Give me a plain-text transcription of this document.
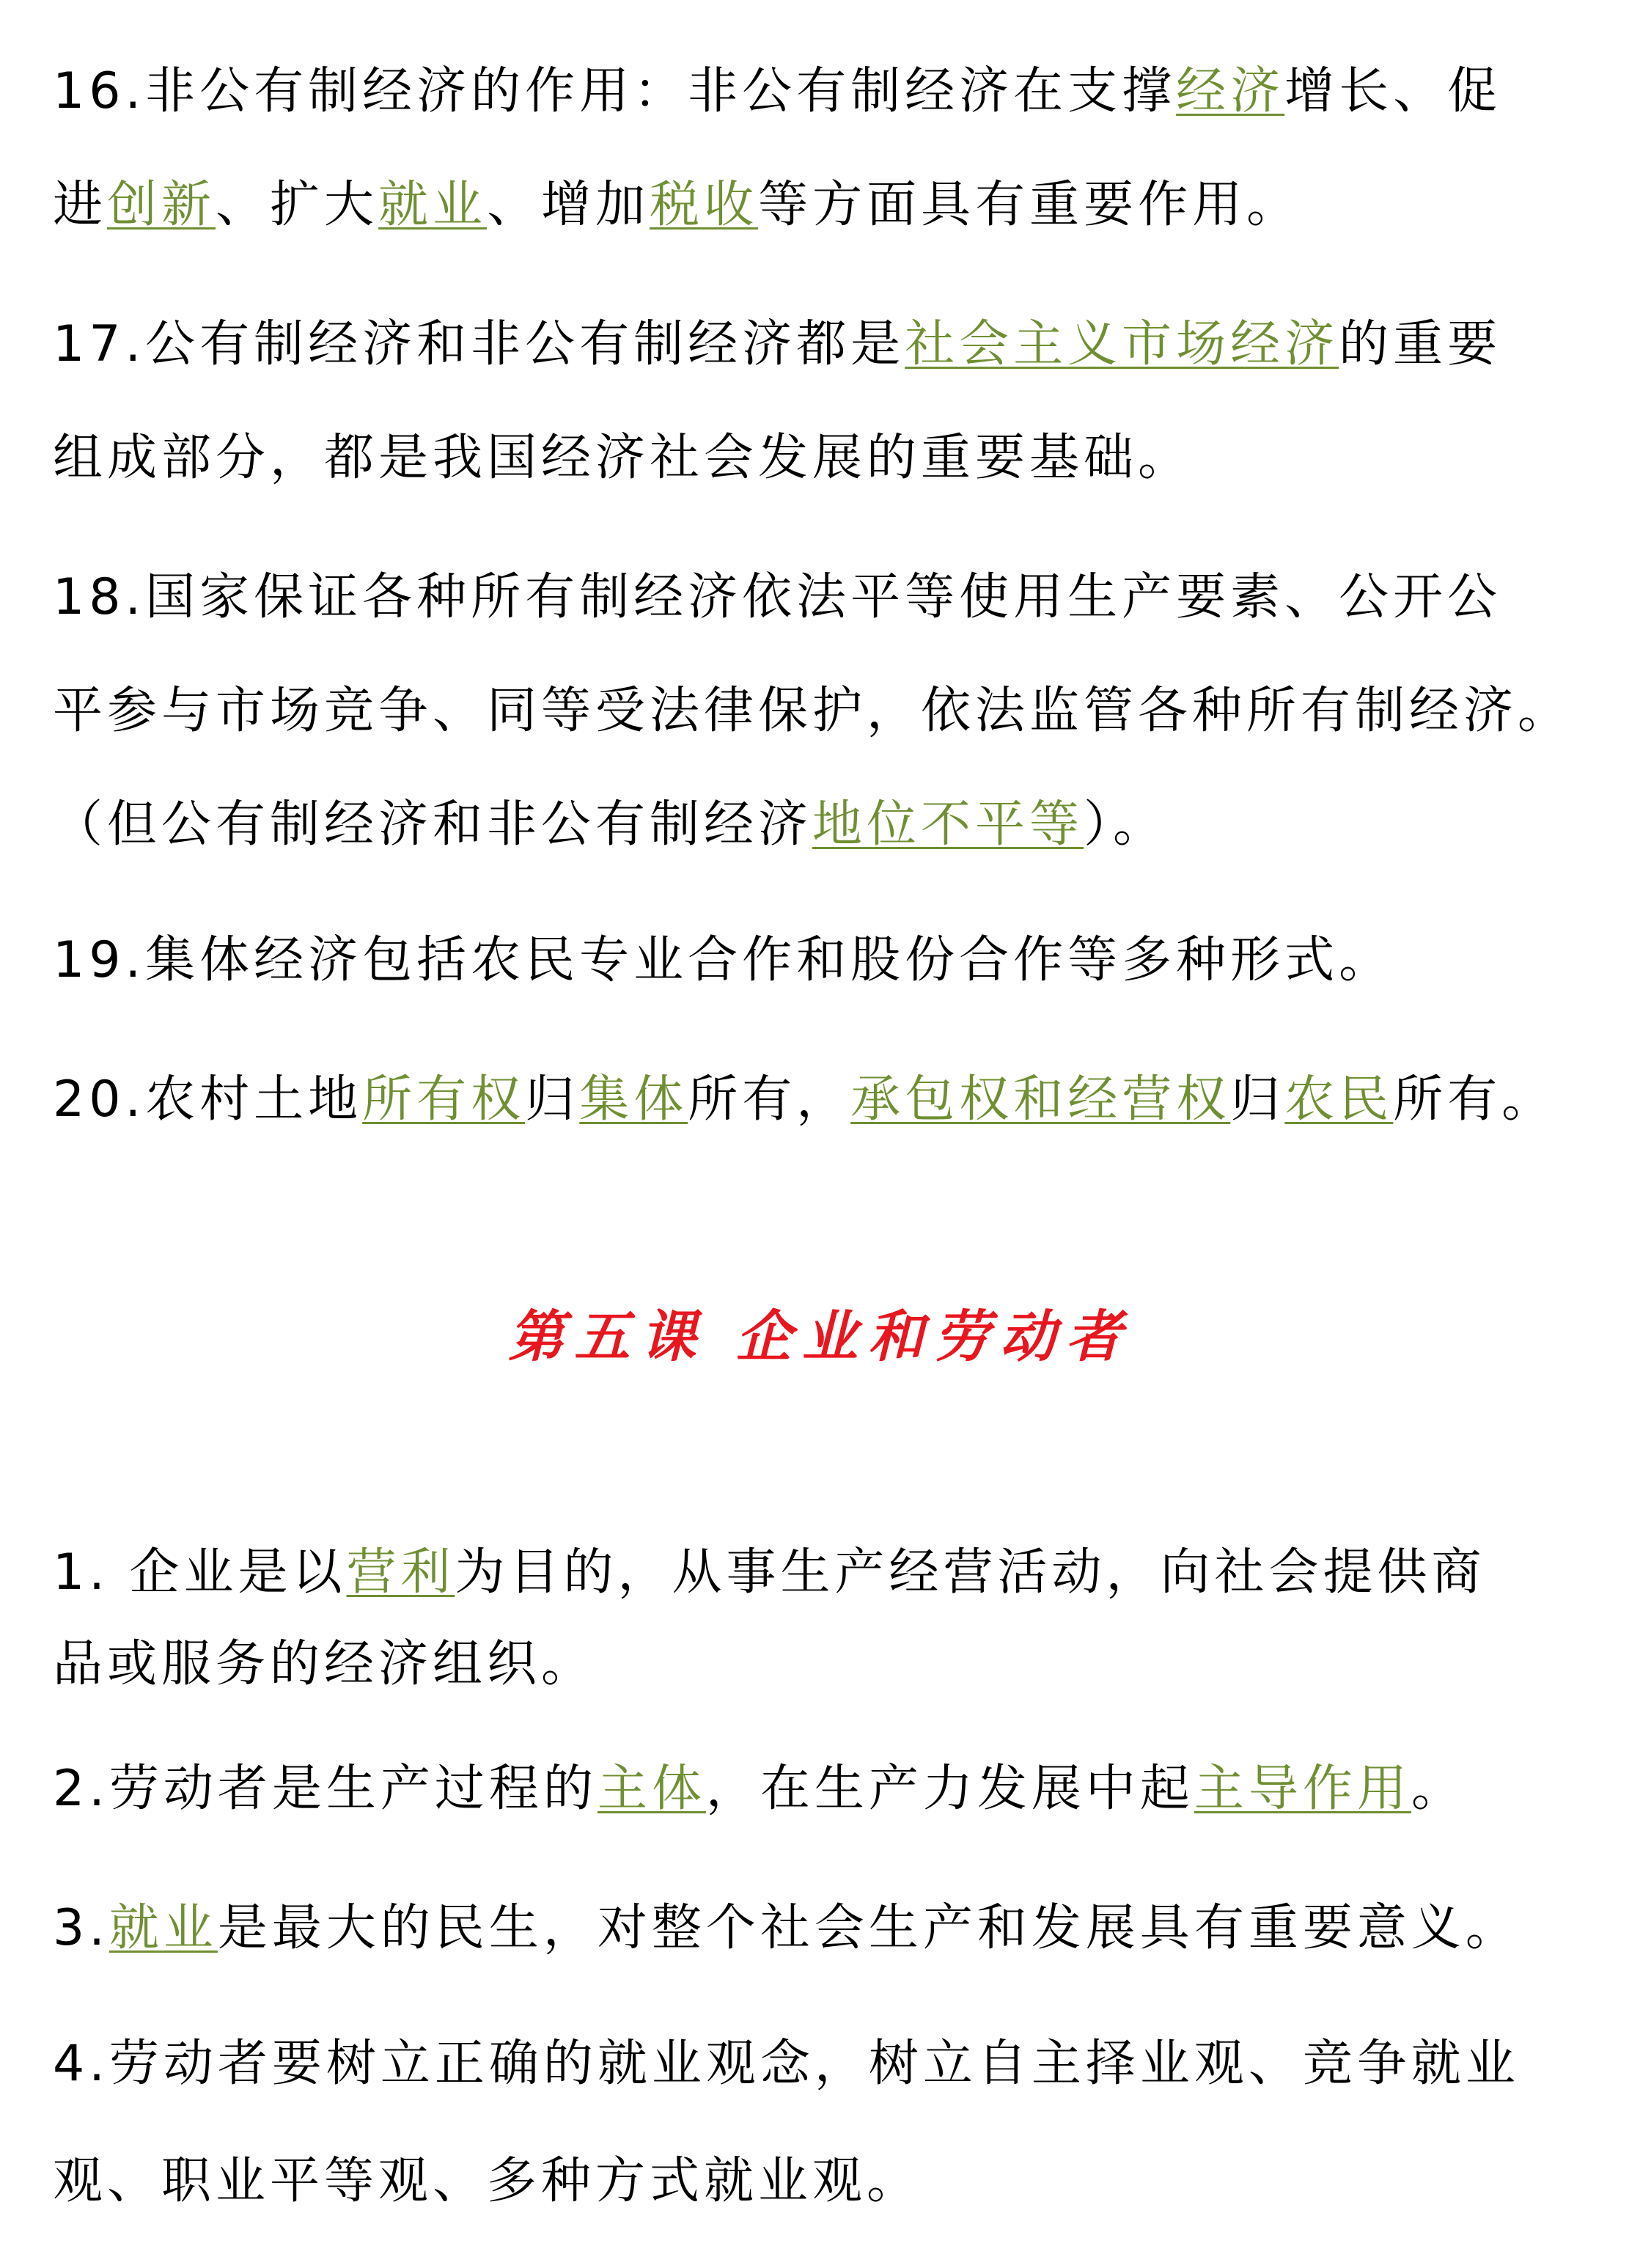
16.非公有制经济的作用：非公有制经济在支撑经济增长、促
进创新、扩大就业、增加税收等方面具有重要作用。
17.公有制经济和非公有制经济都是社会主义市场经济的重要
组成部分，都是我国经济社会发展的重要基础。
18.国家保证各种所有制经济依法平等使用生产要素、公开公
平参与市场竞争、同等受法律保护，依法监管各种所有制经济。
（但公有制经济和非公有制经济地位不平等）。
19.集体经济包括农民专业合作和股份合作等多种形式。
20.农村土地所有权归集体所有，承包权和经营权归农民所有。
第五课 企业和劳动者
1. 企业是以营利为目的，从事生产经营活动，向社会提供商
品或服务的经济组织。
2.劳动者是生产过程的主体，在生产力发展中起主导作用。
3.就业是最大的民生，对整个社会生产和发展具有重要意义。
4.劳动者要树立正确的就业观念，树立自主择业观、竞争就业
观、职业平等观、多种方式就业观。
